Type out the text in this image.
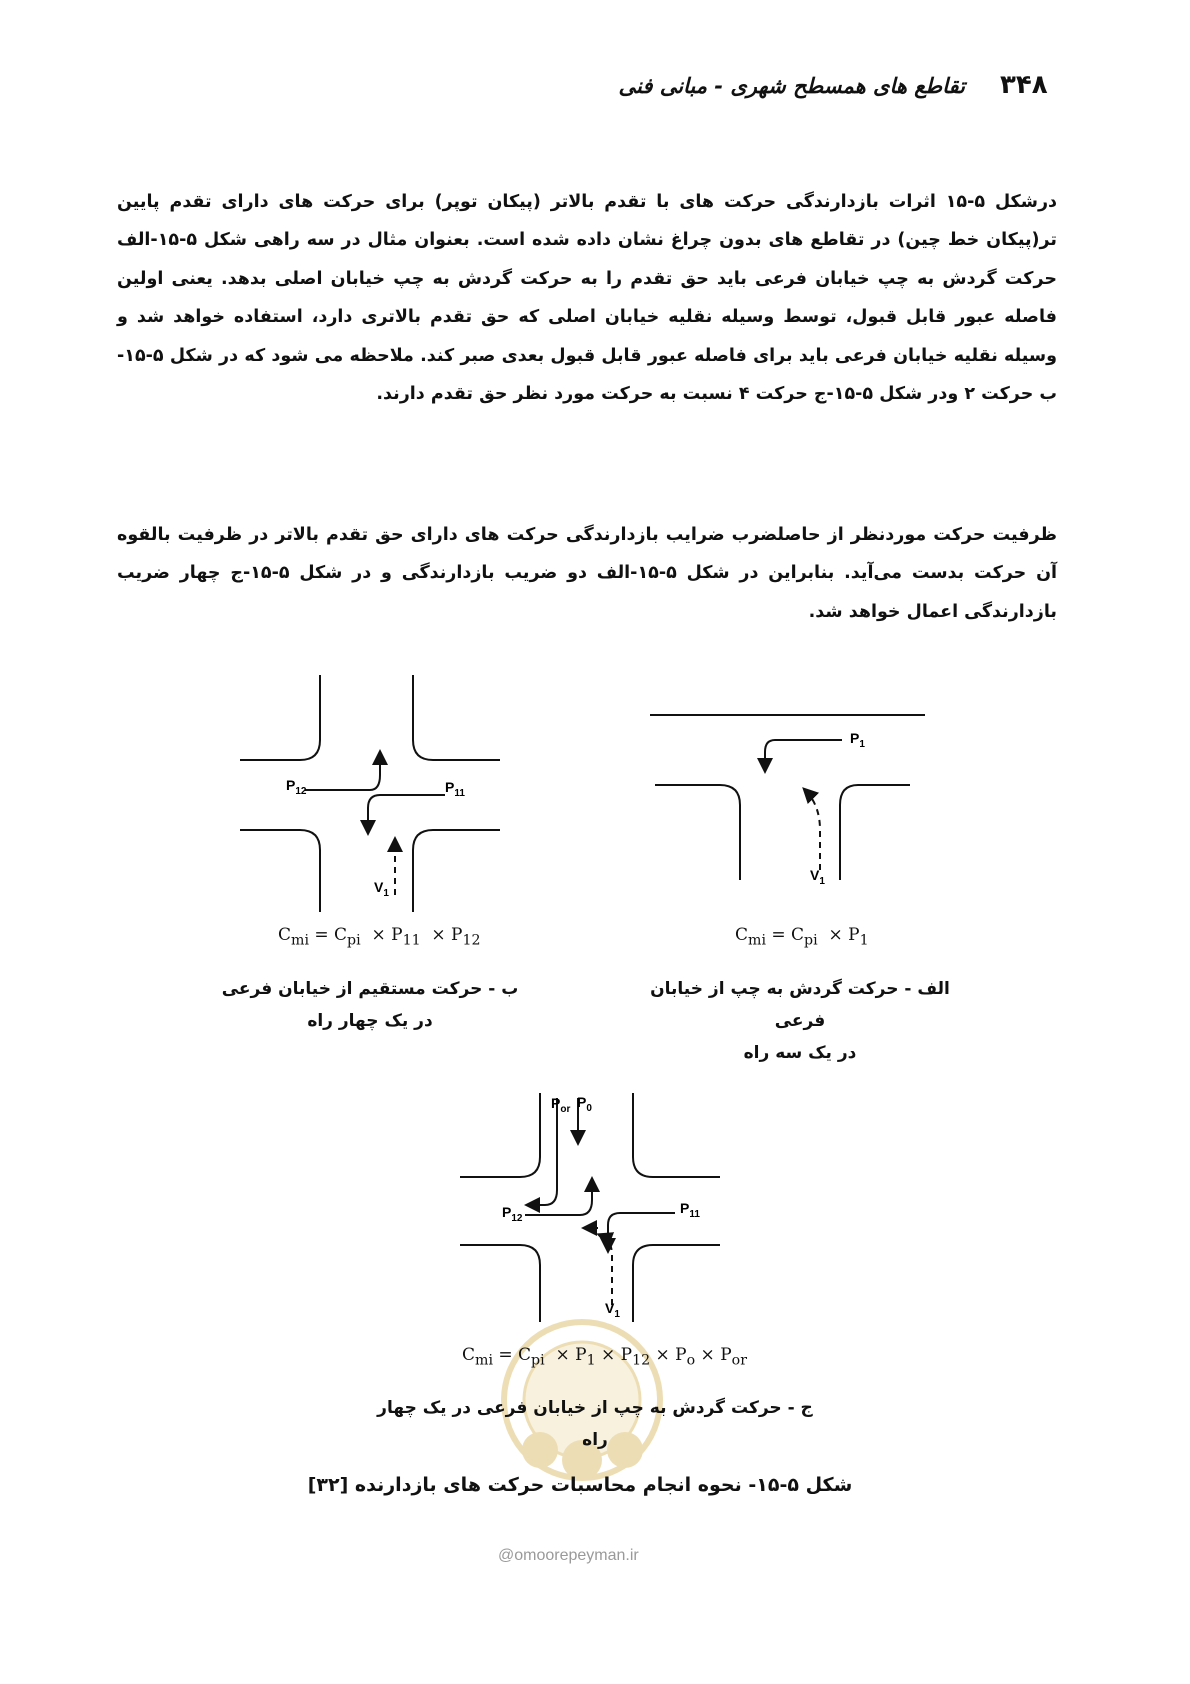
تقاطع های همسطح شهری - مبانی فنی ۳۴۸

درشکل ۵-۱۵ اثرات بازدارندگی حرکت های با تقدم بالاتر (پیکان توپر) برای حرکت های دارای تقدم پایین تر(پیکان خط چین) در تقاطع های بدون چراغ نشان داده شده است. بعنوان مثال در سه راهی شکل ۵-۱۵-الف حرکت گردش به چپ خیابان فرعی باید حق تقدم را به حرکت گردش به چپ خیابان اصلی بدهد. یعنی اولین فاصله عبور قابل قبول، توسط وسیله نقلیه خیابان اصلی که حق تقدم بالاتری دارد، استفاده خواهد شد و وسیله نقلیه خیابان فرعی باید برای فاصله عبور قابل قبول بعدی صبر کند. ملاحظه می شود که در شکل ۵-۱۵-ب حرکت ۲ ودر شکل ۵-۱۵-ج حرکت ۴ نسبت به حرکت مورد نظر حق تقدم دارند.

ظرفیت حرکت موردنظر از حاصلضرب ضرایب بازدارندگی حرکت های دارای حق تقدم بالاتر در ظرفیت بالقوه آن حرکت بدست می‌آید. بنابراین در شکل ۵-۱۵-الف دو ضریب بازدارندگی و در شکل ۵-۱۵-ج چهار ضریب بازدارندگی اعمال خواهد شد.

$P_{12}$	$P_{11}$
$V_1$
$P_1$
$V_1$
$P_{or}$ $P_0$
$P_{12}$
$P_{11}$
$V_1$
$C_{mi} = C_{pi} \times P_{11} \times P_{12}$	$C_{mi} = C_{pi} \times P_1$
$C_{mi} = C_{pi} \times P_1 \times P_{12} \times P_o \times P_{or}$
ب - حرکت مستقیم از خیابان فرعی
در یک چهار راه
الف - حرکت گردش به چپ از خیابان فرعی
در یک سه راه
ج - حرکت گردش به چپ از خیابان فرعی در یک چهار راه
شکل ۵-۱۵- نحوه انجام محاسبات حرکت های بازدارنده [۳۲]
@omoorepeyman.ir
